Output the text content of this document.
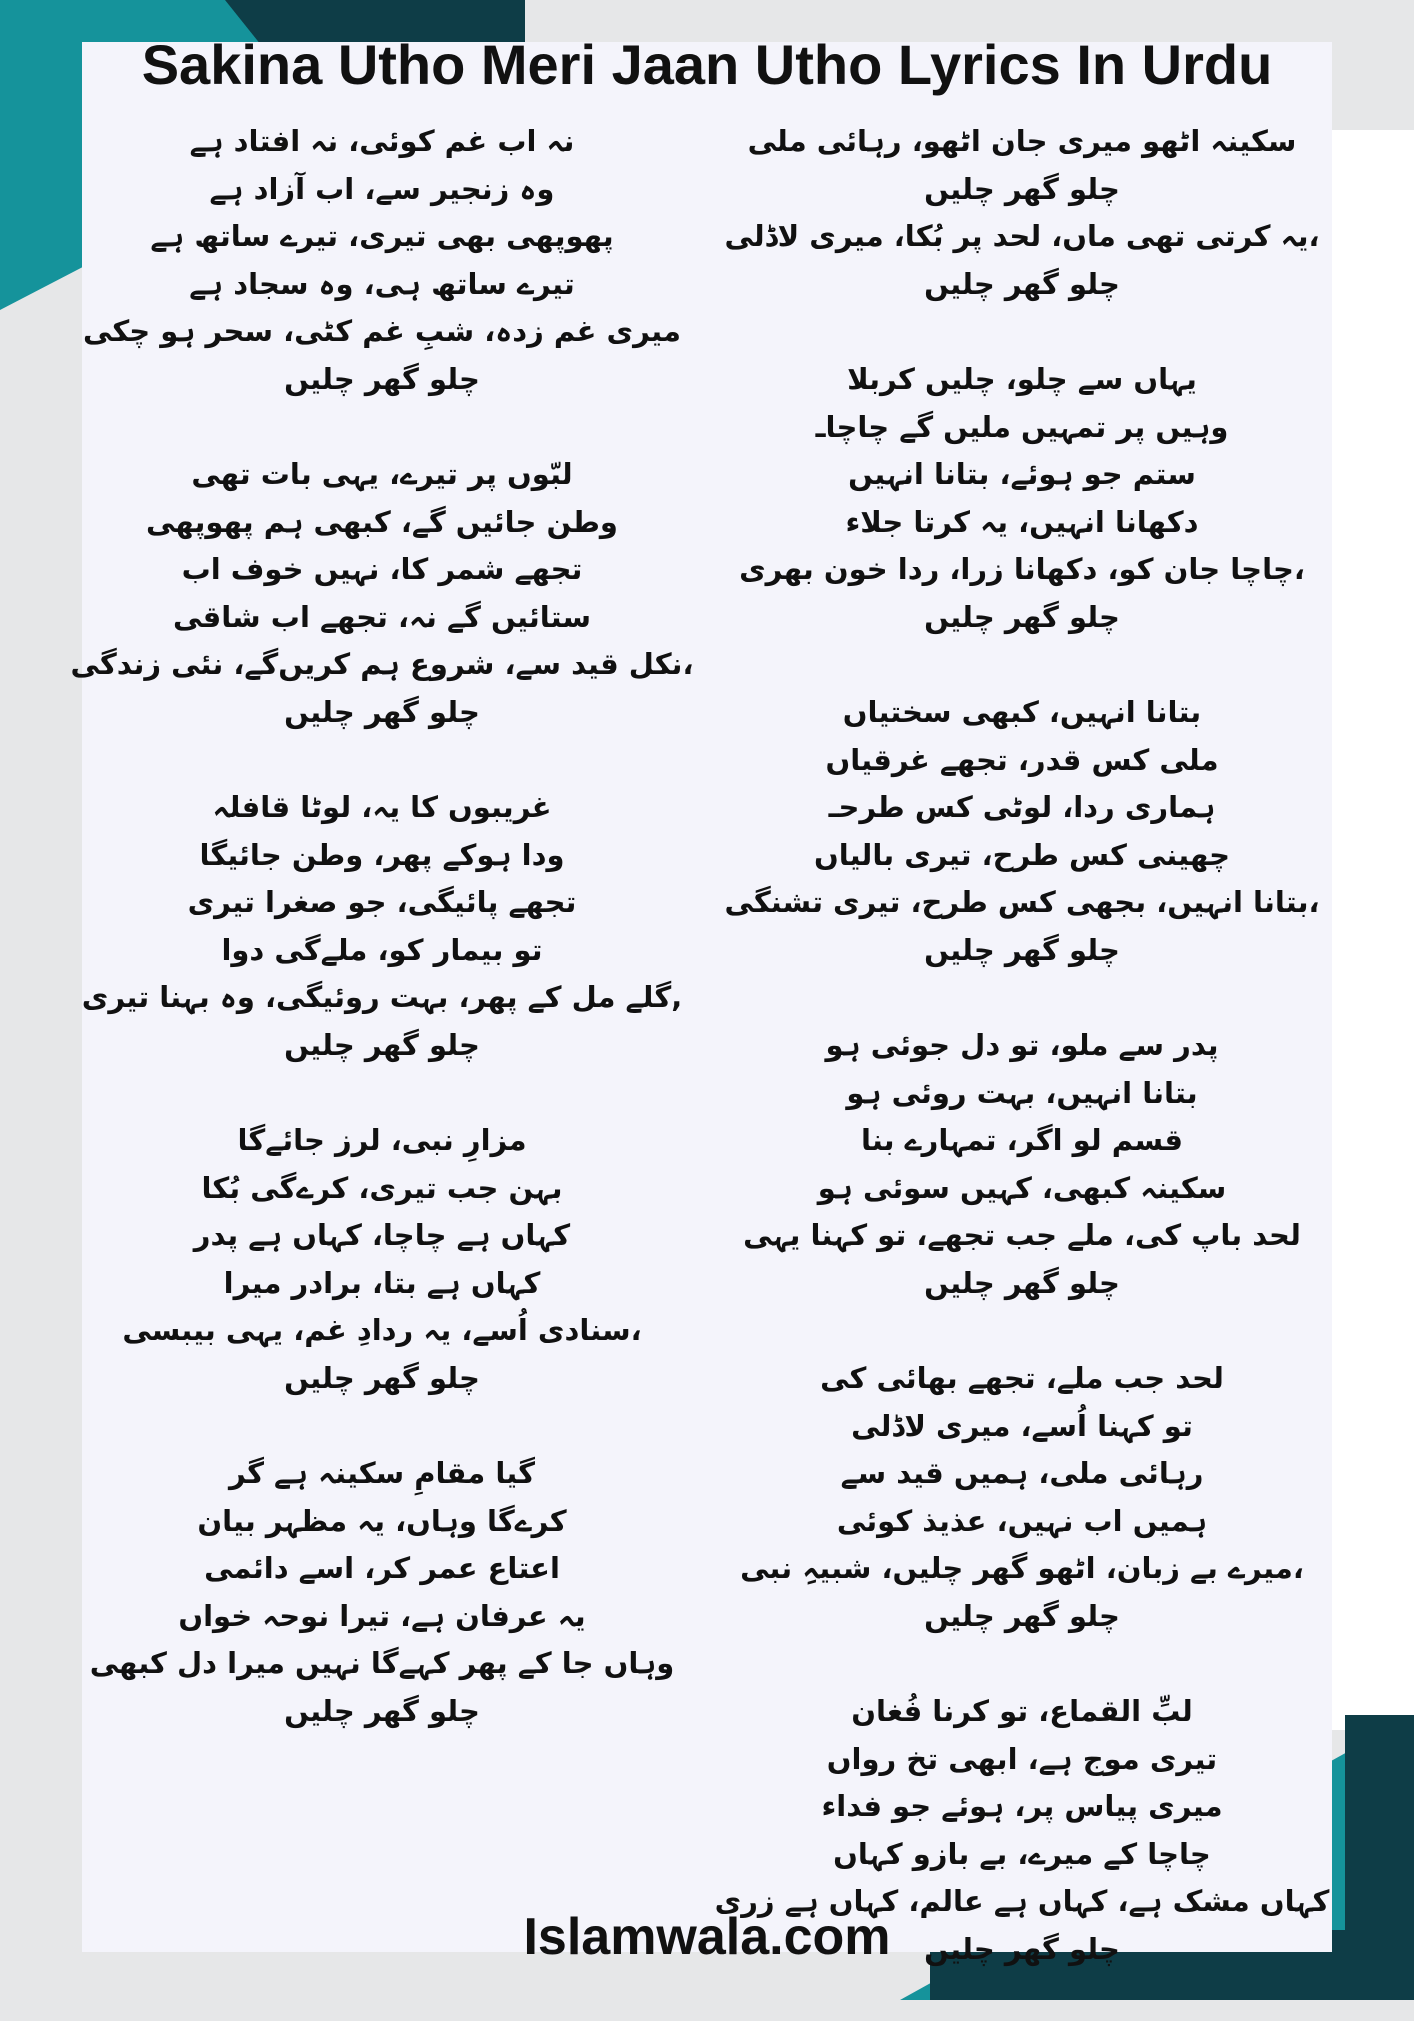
Sakina Utho Meri Jaan Utho Lyrics In Urdu
سکینہ اٹھو میری جان اٹھو، رہائی ملی
چلو گھر چلیں
،یہ کرتی تھی ماں، لحد پر بُکا، میری لاڈلی
چلو گھر چلیں
یہاں سے چلو، چلیں کربلا
وہیں پر تمہیں ملیں گے چاچاـ
ستم جو ہوئے، بتانا انہیں
دکھانا انہیں، یہ کرتا جلاء
،چاچا جان کو، دکھانا زرا، ردا خون بھری
چلو گھر چلیں
بتانا انہیں، کبھی سختیاں
ملی کس قدر، تجھے غرقیاں
ہماری ردا، لوٹی کس طرحـ
چھینی کس طرح، تیری بالیاں
،بتانا انہیں، بجھی کس طرح، تیری تشنگی
چلو گھر چلیں
پدر سے ملو، تو دل جوئی ہو
بتانا انہیں، بہت روئی ہو
قسم لو اگر، تمہارے بنا
سکینہ کبھی، کہیں سوئی ہو
لحد باپ کی، ملے جب تجھے، تو کہنا یہی
چلو گھر چلیں
لحد جب ملے، تجھے بھائی کی
تو کہنا اُسے، میری لاڈلی
رہائی ملی، ہمیں قید سے
ہمیں اب نہیں، عذیذ کوئی
،میرے بے زبان، اٹھو گھر چلیں، شبیہِ نبی
چلو گھر چلیں
لبِّ القماع، تو کرنا فُغان
تیری موج ہے، ابھی تخ رواں
میری پیاس پر، ہوئے جو فداء
چاچا کے میرے، بے بازو کہاں
کہاں مشک ہے، کہاں ہے عالم، کہاں ہے زری
چلو گھر چلیں
نہ اب غم کوئی، نہ افتاد ہے
وہ زنجیر سے، اب آزاد ہے
پھوپھی بھی تیری، تیرے ساتھ ہے
تیرے ساتھ ہی، وہ سجاد ہے
میری غم زدہ، شبِ غم کٹی، سحر ہو چکی
چلو گھر چلیں
لبّوں پر تیرے، یہی بات تھی
وطن جائیں گے، کبھی ہم پھوپھی
تجھے شمر کا، نہیں خوف اب
ستائیں گے نہ، تجھے اب شاقی
،نکل قید سے، شروع ہم کریں‌گے، نئی زندگی
چلو گھر چلیں
غریبوں کا یہ، لوٹا قافلہ
ودا ہوکے پھر، وطن جائیگا
تجھے پائیگی، جو صغرا تیری
تو بیمار کو، ملےگی دوا
,گلے مل کے پھر، بہت روئیگی، وہ بہنا تیری
چلو گھر چلیں
مزارِ نبی، لرز جائےگا
بہن جب تیری، کرےگی بُکا
کہاں ہے چاچا، کہاں ہے پدر
کہاں ہے بتا، برادر میرا
،سنادی اُسے، یہ ردادِ غم، یہی بیبسی
چلو گھر چلیں
گیا مقامِ سکینہ ہے گر
کرےگا وہاں، یہ مظہر بیان
اعتاع عمر کر، اسے دائمی
یہ عرفان ہے، تیرا نوحہ خواں
وہاں جا کے پھر کہےگا نہیں میرا دل کبھی
چلو گھر چلیں
Islamwala.com
